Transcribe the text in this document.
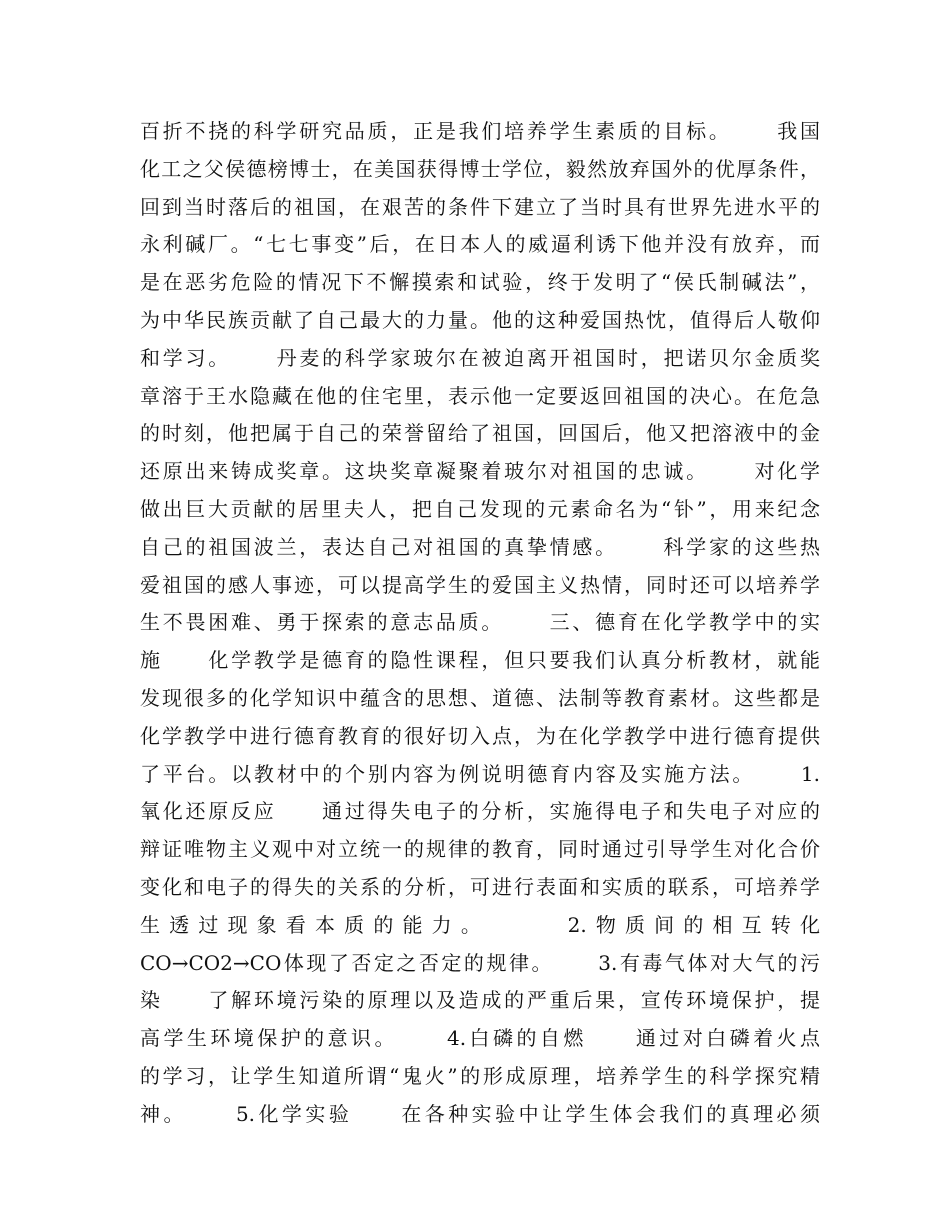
百折不挠的科学研究品质，正是我们培养学生素质的目标。     我国
化工之父侯德榜博士，在美国获得博士学位，毅然放弃国外的优厚条件，
回到当时落后的祖国，在艰苦的条件下建立了当时具有世界先进水平的
永利碱厂。“七七事变”后，在日本人的威逼利诱下他并没有放弃，而
是在恶劣危险的情况下不懈摸索和试验，终于发明了“侯氏制碱法”，
为中华民族贡献了自己最大的力量。他的这种爱国热忱，值得后人敬仰
和学习。     丹麦的科学家玻尔在被迫离开祖国时，把诺贝尔金质奖
章溶于王水隐藏在他的住宅里，表示他一定要返回祖国的决心。在危急
的时刻，他把属于自己的荣誉留给了祖国，回国后，他又把溶液中的金
还原出来铸成奖章。这块奖章凝聚着玻尔对祖国的忠诚。     对化学
做出巨大贡献的居里夫人，把自己发现的元素命名为“钋”，用来纪念
自己的祖国波兰，表达自己对祖国的真挚情感。     科学家的这些热
爱祖国的感人事迹，可以提高学生的爱国主义热情，同时还可以培养学
生不畏困难、勇于探索的意志品质。     三、德育在化学教学中的实
施     化学教学是德育的隐性课程，但只要我们认真分析教材，就能
发现很多的化学知识中蕴含的思想、道德、法制等教育素材。这些都是
化学教学中进行德育教育的很好切入点，为在化学教学中进行德育提供
了平台。以教材中的个别内容为例说明德育内容及实施方法。     1.
氧化还原反应     通过得失电子的分析，实施得电子和失电子对应的
辩证唯物主义观中对立统一的规律的教育，同时通过引导学生对化合价
变化和电子的得失的关系的分析，可进行表面和实质的联系，可培养学
生透过现象看本质的能力。     2.物质间的相互转化
CO→CO2→CO体现了否定之否定的规律。     3.有毒气体对大气的污
染     了解环境污染的原理以及造成的严重后果，宣传环境保护，提
高学生环境保护的意识。     4.白磷的自燃     通过对白磷着火点
的学习，让学生知道所谓“鬼火”的形成原理，培养学生的科学探究精
神。     5.化学实验     在各种实验中让学生体会我们的真理必须
